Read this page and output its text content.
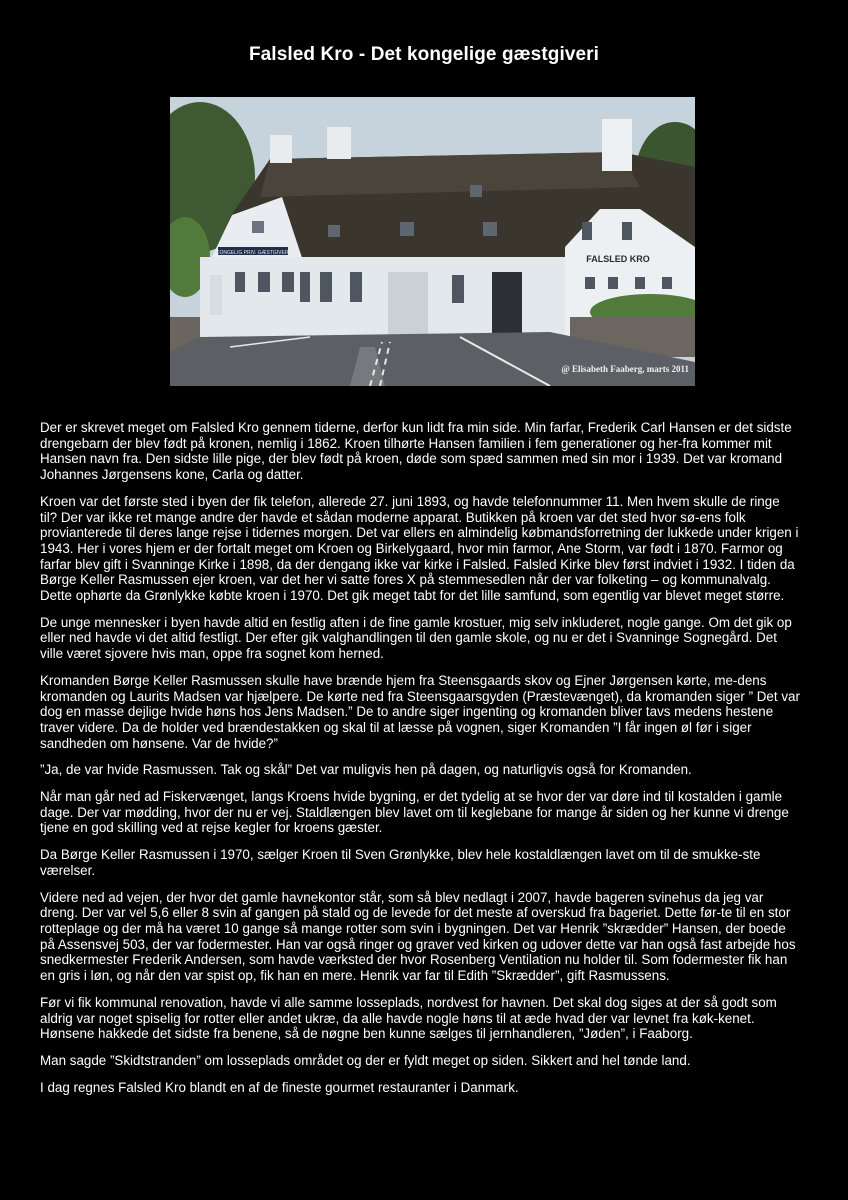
Falsled Kro - Det kongelige gæstgiveri
KONGELIG PRIV. GÆSTGIVERI
FALSLED KRO
@ Elisabeth Faaberg, marts 2011

Der er skrevet meget om Falsled Kro gennem tiderne, derfor kun lidt fra min side. Min farfar, Frederik Carl Hansen er det sidste drengebarn der blev født på kronen, nemlig i 1862. Kroen tilhørte Hansen familien i fem generationer og her-fra kommer mit Hansen navn fra. Den sidste lille pige, der blev født på kroen, døde som spæd sammen med sin mor i 1939. Det var kromand Johannes Jørgensens kone, Carla og datter.

Kroen var det første sted i byen der fik telefon, allerede 27. juni 1893, og havde telefonnummer 11. Men hvem skulle de ringe til? Der var ikke ret mange andre der havde et sådan moderne apparat. Butikken på kroen var det sted hvor sø-ens folk provianterede til deres lange rejse i tidernes morgen. Det var ellers en almindelig købmandsforretning der lukkede under krigen i 1943. Her i vores hjem er der fortalt meget om Kroen og Birkelygaard, hvor min farmor, Ane Storm, var født i 1870. Farmor og farfar blev gift i Svanninge Kirke i 1898, da der dengang ikke var kirke i Falsled. Falsled Kirke blev først indviet i 1932. I tiden da Børge Keller Rasmussen ejer kroen, var det her vi satte fores X på stemmesedlen når der var folketing – og kommunalvalg. Dette ophørte da Grønlykke købte kroen i 1970. Det gik meget tabt for det lille samfund, som egentlig var blevet meget større.

De unge mennesker i byen havde altid en festlig aften i de fine gamle krostuer, mig selv inkluderet, nogle gange. Om det gik op eller ned havde vi det altid festligt. Der efter gik valghandlingen til den gamle skole, og nu er det i Svanninge Sognegård. Det ville været sjovere hvis man, oppe fra sognet kom herned.

Kromanden Børge Keller Rasmussen skulle have brænde hjem fra Steensgaards skov og Ejner Jørgensen kørte, me-dens kromanden og Laurits Madsen var hjælpere. De kørte ned fra Steensgaarsgyden (Præstevænget), da kromanden siger ” Det var dog en masse dejlige hvide høns hos Jens Madsen.” De to andre siger ingenting og kromanden bliver tavs medens hestene traver videre. Da de holder ved brændestakken og skal til at læsse på vognen, siger Kromanden ”I får ingen øl før i siger sandheden om hønsene. Var de hvide?”

”Ja, de var hvide Rasmussen. Tak og skål” Det var muligvis hen på dagen, og naturligvis også for Kromanden.

Når man går ned ad Fiskervænget, langs Kroens hvide bygning, er det tydelig at se hvor der var døre ind til kostalden i gamle dage. Der var mødding, hvor der nu er vej. Staldlængen blev lavet om til keglebane for mange år siden og her kunne vi drenge tjene en god skilling ved at rejse kegler for kroens gæster.

Da Børge Keller Rasmussen i 1970, sælger Kroen til Sven Grønlykke, blev hele kostaldlængen lavet om til de smukke-ste værelser.

Videre ned ad vejen, der hvor det gamle havnekontor står, som så blev nedlagt i 2007, havde bageren svinehus da jeg var dreng. Der var vel 5,6 eller 8 svin af gangen på stald og de levede for det meste af overskud fra bageriet. Dette før-te til en stor rotteplage og der må ha været 10 gange så mange rotter som svin i bygningen. Det var Henrik ”skrædder” Hansen, der boede på Assensvej 503, der var fodermester. Han var også ringer og graver ved kirken og udover dette var han også fast arbejde hos snedkermester Frederik Andersen, som havde værksted der hvor Rosenberg Ventilation nu holder til. Som fodermester fik han en gris i løn, og når den var spist op, fik han en mere. Henrik var far til Edith ”Skrædder”, gift Rasmussens.

Før vi fik kommunal renovation, havde vi alle samme losseplads, nordvest for havnen. Det skal dog siges at der så godt som aldrig var noget spiselig for rotter eller andet ukræ, da alle havde nogle høns til at æde hvad der var levnet fra køk-kenet. Hønsene hakkede det sidste fra benene, så de nøgne ben kunne sælges til jernhandleren, ”Jøden”, i Faaborg.

Man sagde ”Skidtstranden” om losseplads området og der er fyldt meget op siden. Sikkert and hel tønde land.

I dag regnes Falsled Kro blandt en af de fineste gourmet restauranter i Danmark.
